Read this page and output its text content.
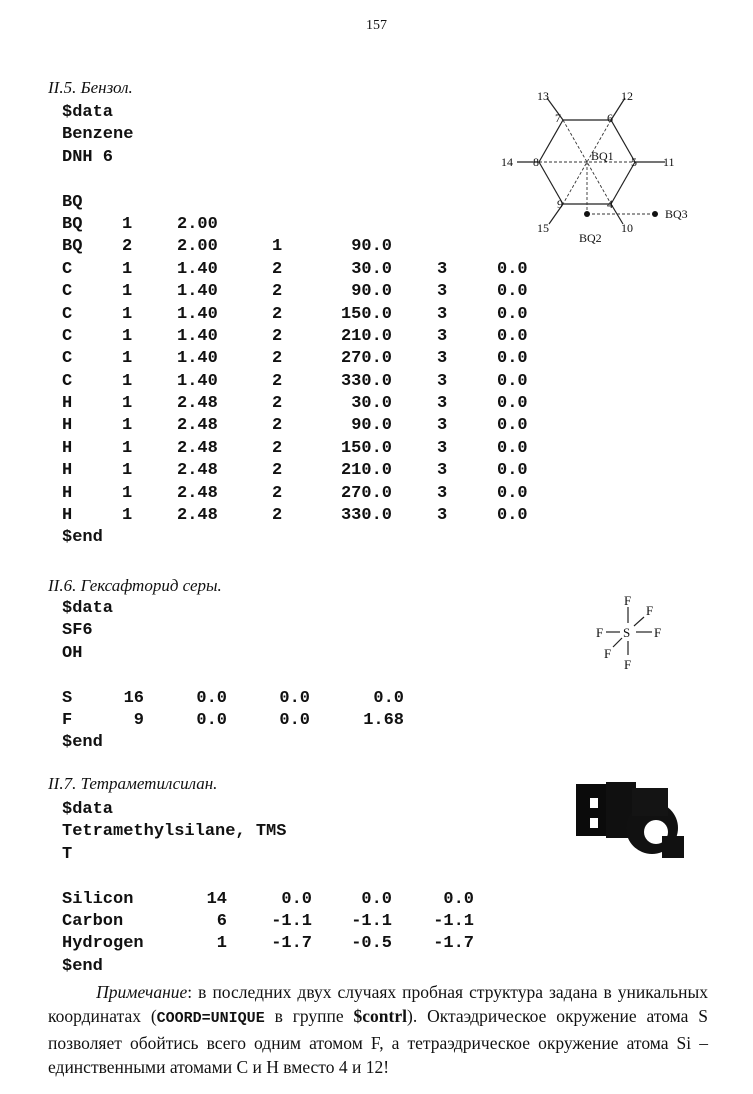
157
II.5. Бензол.
$data
Benzene
DNH 6
BQ
BQ 1	2.00
BQ 2	2.00	1	90.0
C	1	1.40	2	30.0	3	0.0
C	1	1.40	2	90.0	3	0.0
C	1	1.40	2	150.0	3	0.0
C	1	1.40	2	210.0	3	0.0
C	1	1.40	2	270.0	3	0.0
C	1	1.40	2	330.0	3	0.0
H	1	2.48	2	30.0	3	0.0
H	1	2.48	2	90.0	3	0.0
H	1	2.48	2	150.0	3	0.0
H	1	2.48	2	210.0	3	0.0
H	1	2.48	2	270.0	3	0.0
H	1	2.48	2	330.0	3	0.0
$end
13	12
7	6
14 8	5 11
9	4
15	10
BQ1
BQ2
BQ3
II.6. Гексафторид серы.
$data
SF6
OH
S	16	0.0	0.0	0.0
F	9	0.0	0.0	1.68
$end
S
F
F
F	F
F
F
II.7. Тетраметилсилан.
$data
Tetramethylsilane, TMS
T
Silicon	14	0.0	0.0	0.0
Carbon	6	-1.1 -1.1 -1.1
Hydrogen	1	-1.7 -0.5 -1.7
$end
Примечание: в последних двух случаях пробная структура задана в уникальных координатах (COORD=UNIQUE в группе $contrl). Октаэдрическое окружение атома S позволяет обойтись всего одним атомом F, а тетраэдрическое окружение атома Si – единственными атомами C и H вместо 4 и 12!
